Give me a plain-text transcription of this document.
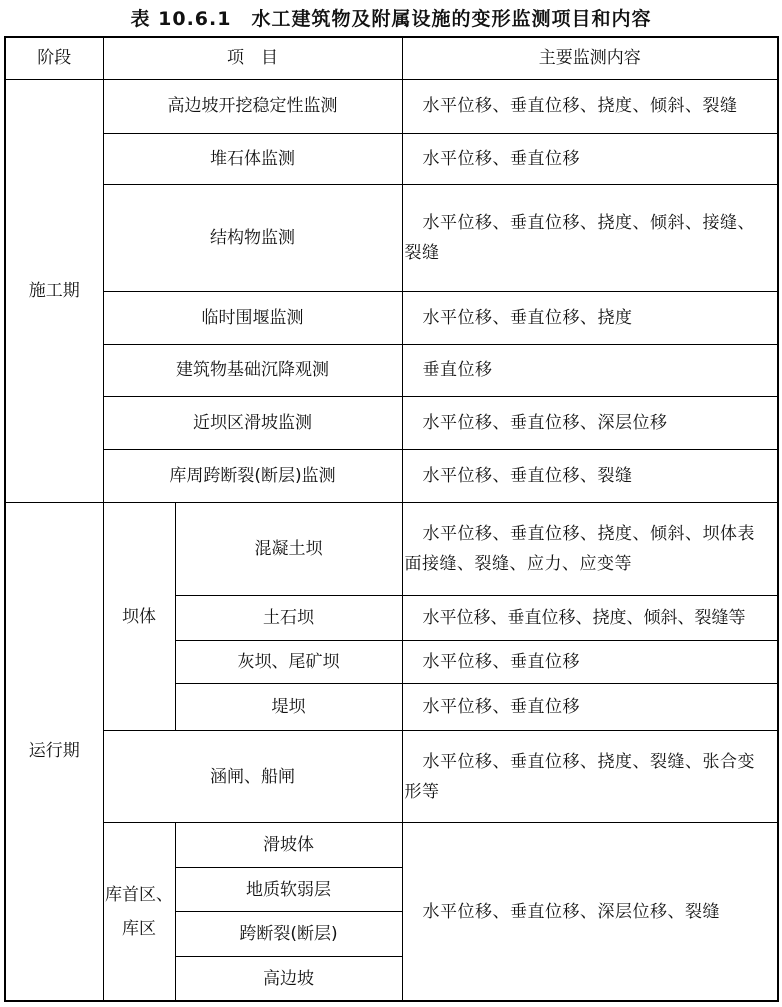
表 10.6.1　水工建筑物及附属设施的变形监测项目和内容
阶段	项　目		主要监测内容
施工期	高边坡开挖稳定性监测		水平位移、垂直位移、挠度、倾斜、裂缝
	堆石体监测		水平位移、垂直位移
	结构物监测		水平位移、垂直位移、挠度、倾斜、接缝、裂缝
	临时围堰监测		水平位移、垂直位移、挠度
	建筑物基础沉降观测		垂直位移
	近坝区滑坡监测		水平位移、垂直位移、深层位移
	库周跨断裂(断层)监测		水平位移、垂直位移、裂缝
运行期	坝体	混凝土坝	水平位移、垂直位移、挠度、倾斜、坝体表面接缝、裂缝、应力、应变等
		土石坝	水平位移、垂直位移、挠度、倾斜、裂缝等
		灰坝、尾矿坝	水平位移、垂直位移
		堤坝	水平位移、垂直位移
	涵闸、船闸		水平位移、垂直位移、挠度、裂缝、张合变形等
	库首区、库区	滑坡体	水平位移、垂直位移、深层位移、裂缝
		地质软弱层	
		跨断裂(断层)	
		高边坡	
